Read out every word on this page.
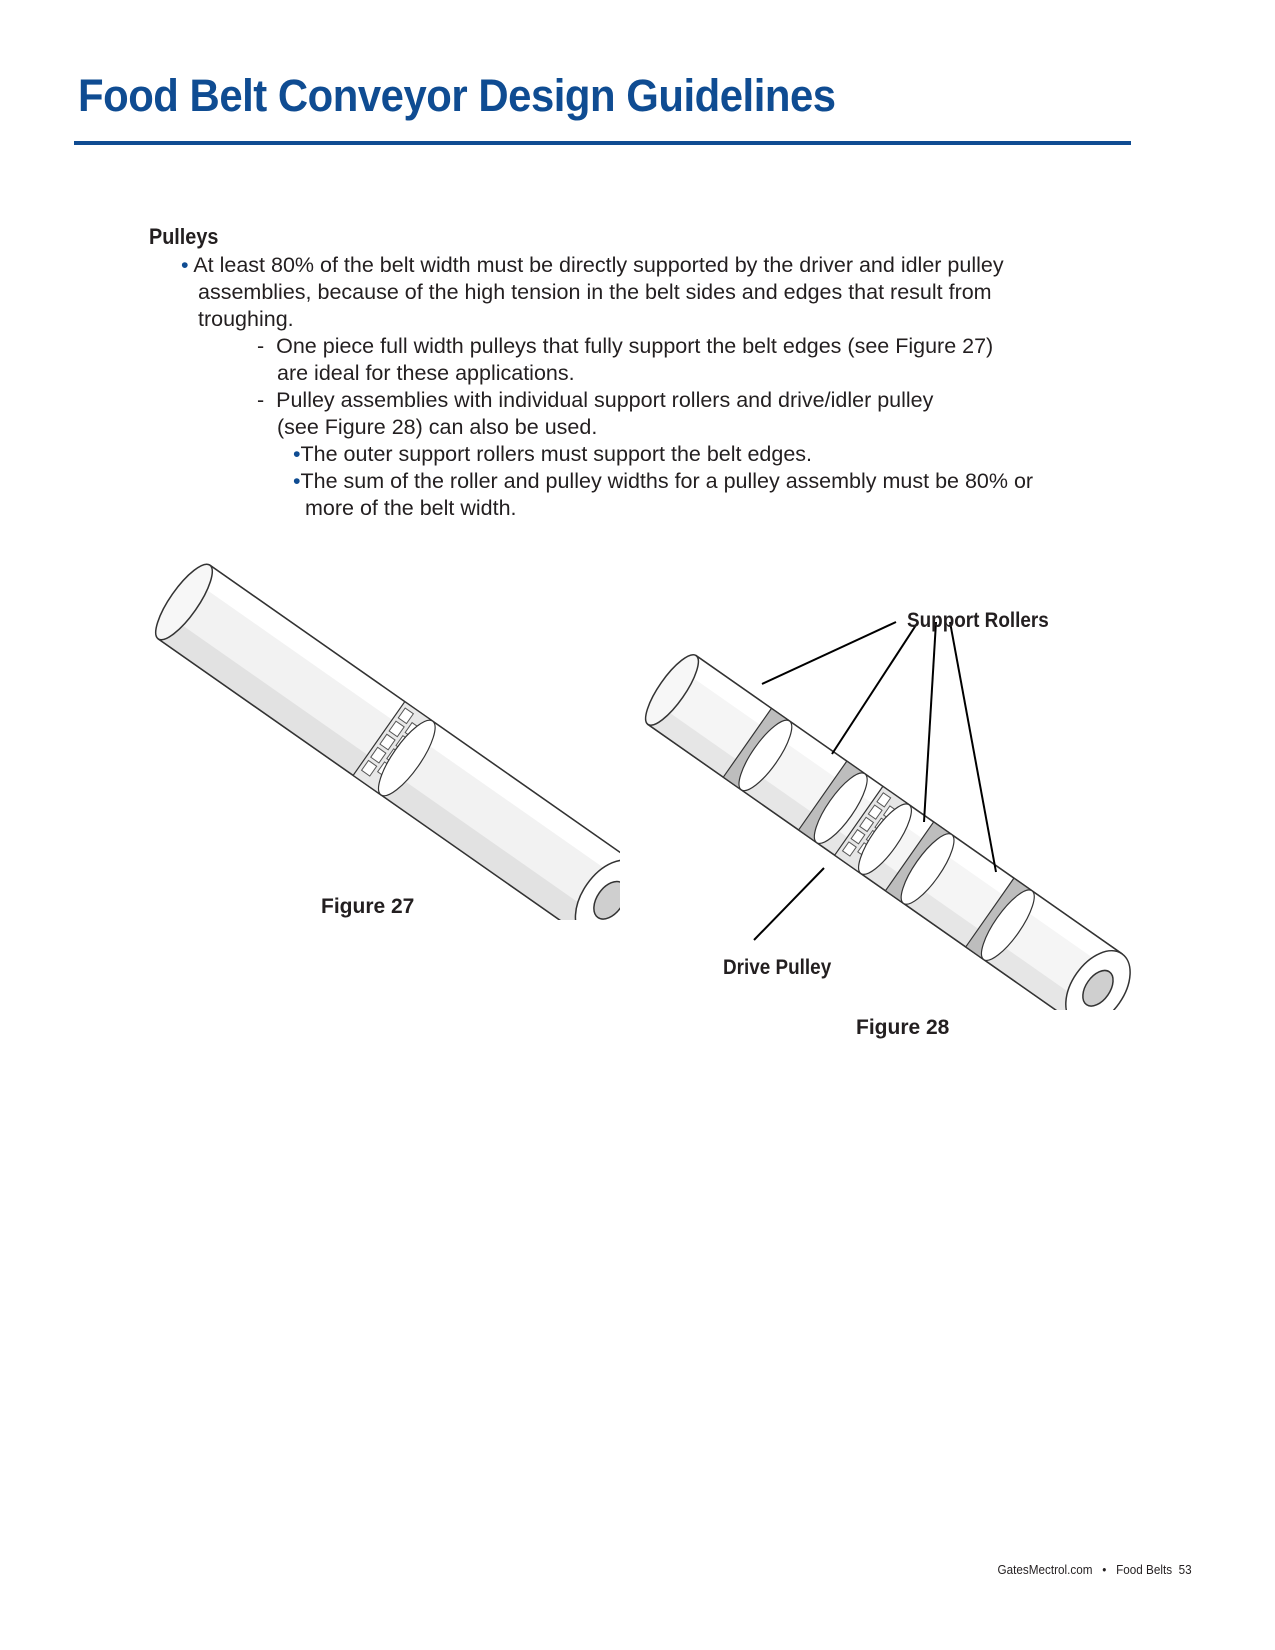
Food Belt Conveyor Design Guidelines
Pulleys
• At least 80% of the belt width must be directly supported by the driver and idler pulley
assemblies, because of the high tension in the belt sides and edges that result from
troughing.
- One piece full width pulleys that fully support the belt edges (see Figure 27)
are ideal for these applications.
- Pulley assemblies with individual support rollers and drive/idler pulley
(see Figure 28) can also be used.
•The outer support rollers must support the belt edges.
•The sum of the roller and pulley widths for a pulley assembly must be 80% or
more of the belt width.
Figure 27
Support Rollers
Drive Pulley
Figure 28
GatesMectrol.com • Food Belts 53
